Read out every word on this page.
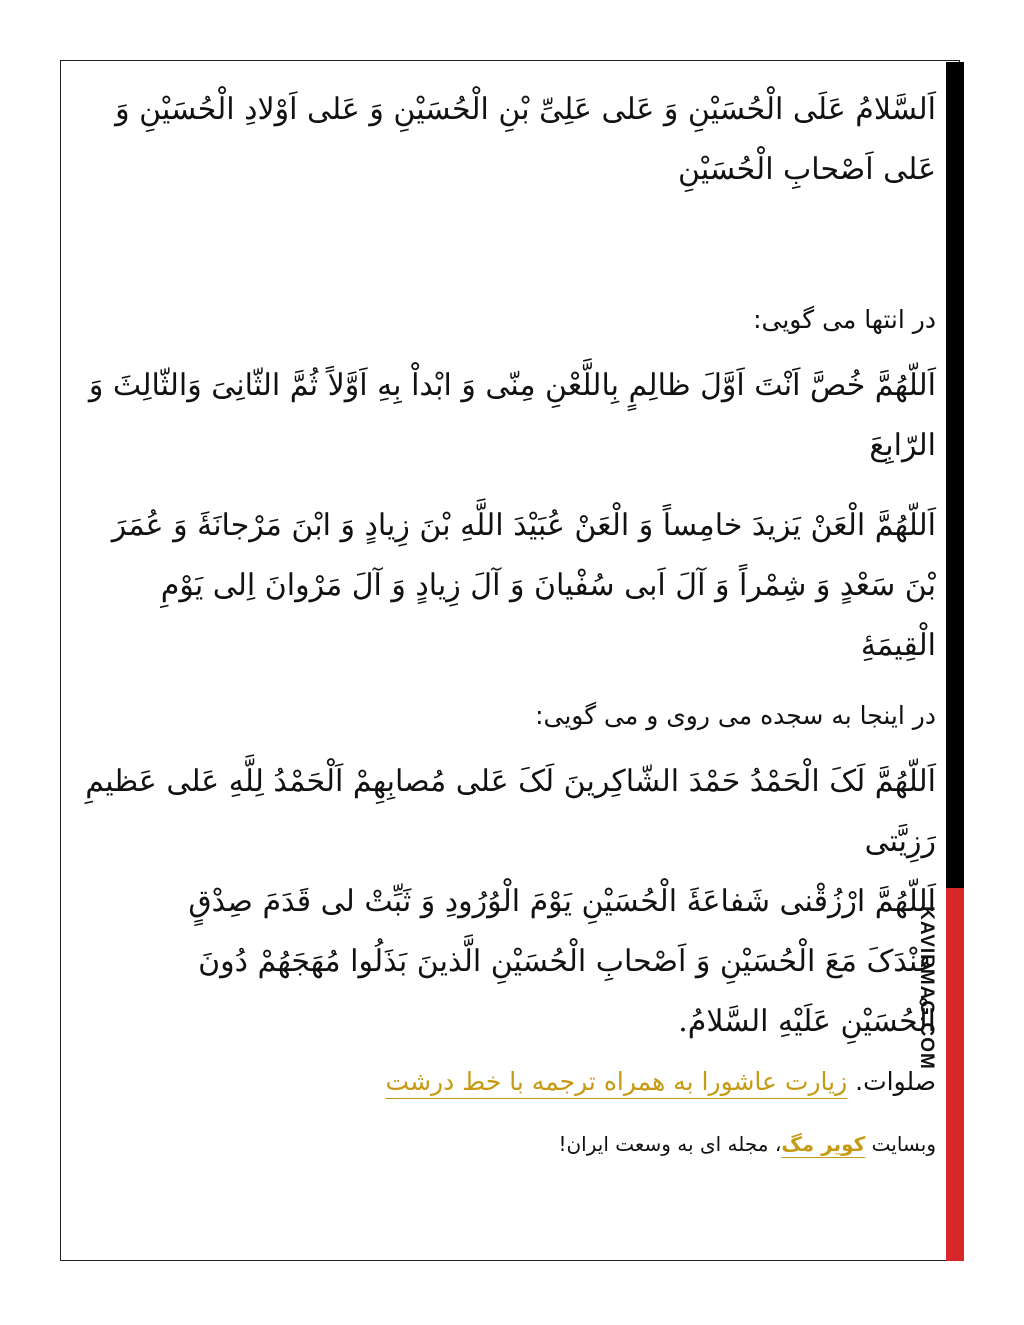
KAVIRMAG.COM

اَلسَّلامُ عَلَی الْحُسَیْنِ وَ عَلی عَلِیِّ بْنِ الْحُسَیْنِ وَ عَلی اَوْلادِ الْحُسَیْنِ وَ عَلی اَصْحابِ الْحُسَیْنِ

در انتها می گویی:

اَللّهُمَّ خُصَّ اَنْتَ اَوَّلَ ظالِمٍ بِاللَّعْنِ مِنّی وَ ابْداْ بِهِ اَوَّلاً ثُمَّ الثّانِیَ وَالثّالِثَ وَ الرّابِعَ

اَللّهُمَّ الْعَنْ یَزیدَ خامِساً وَ الْعَنْ عُبَیْدَ اللَّهِ بْنَ زِیادٍ وَ ابْنَ مَرْجانَهَٔ وَ عُمَرَ بْنَ سَعْدٍ وَ شِمْراً وَ آلَ اَبی سُفْیانَ وَ آلَ زِیادٍ وَ آلَ مَرْوانَ اِلی یَوْمِ الْقِیمَهِٔ

در اینجا به سجده می روی و می گویی:

اَللّهُمَّ لَکَ الْحَمْدُ حَمْدَ الشّاکِرینَ لَکَ عَلی مُصابِهِمْ اَلْحَمْدُ لِلَّهِ عَلی عَظیمِ رَزِیَّتی

اَللّهُمَّ ارْزُقْنی شَفاعَهَٔ الْحُسَیْنِ یَوْمَ الْوُرُودِ وَ ثَبِّتْ لی قَدَمَ صِدْقٍ عِنْدَکَ مَعَ الْحُسَیْنِ وَ اَصْحابِ الْحُسَیْنِ الَّذینَ بَذَلُوا مُهَجَهُمْ دُونَ الْحُسَیْنِ عَلَیْهِ السَّلامُ.

صلوات. زیارت عاشورا به همراه ترجمه با خط درشت

وبسایت کویر مگ، مجله ای به وسعت ایران!
